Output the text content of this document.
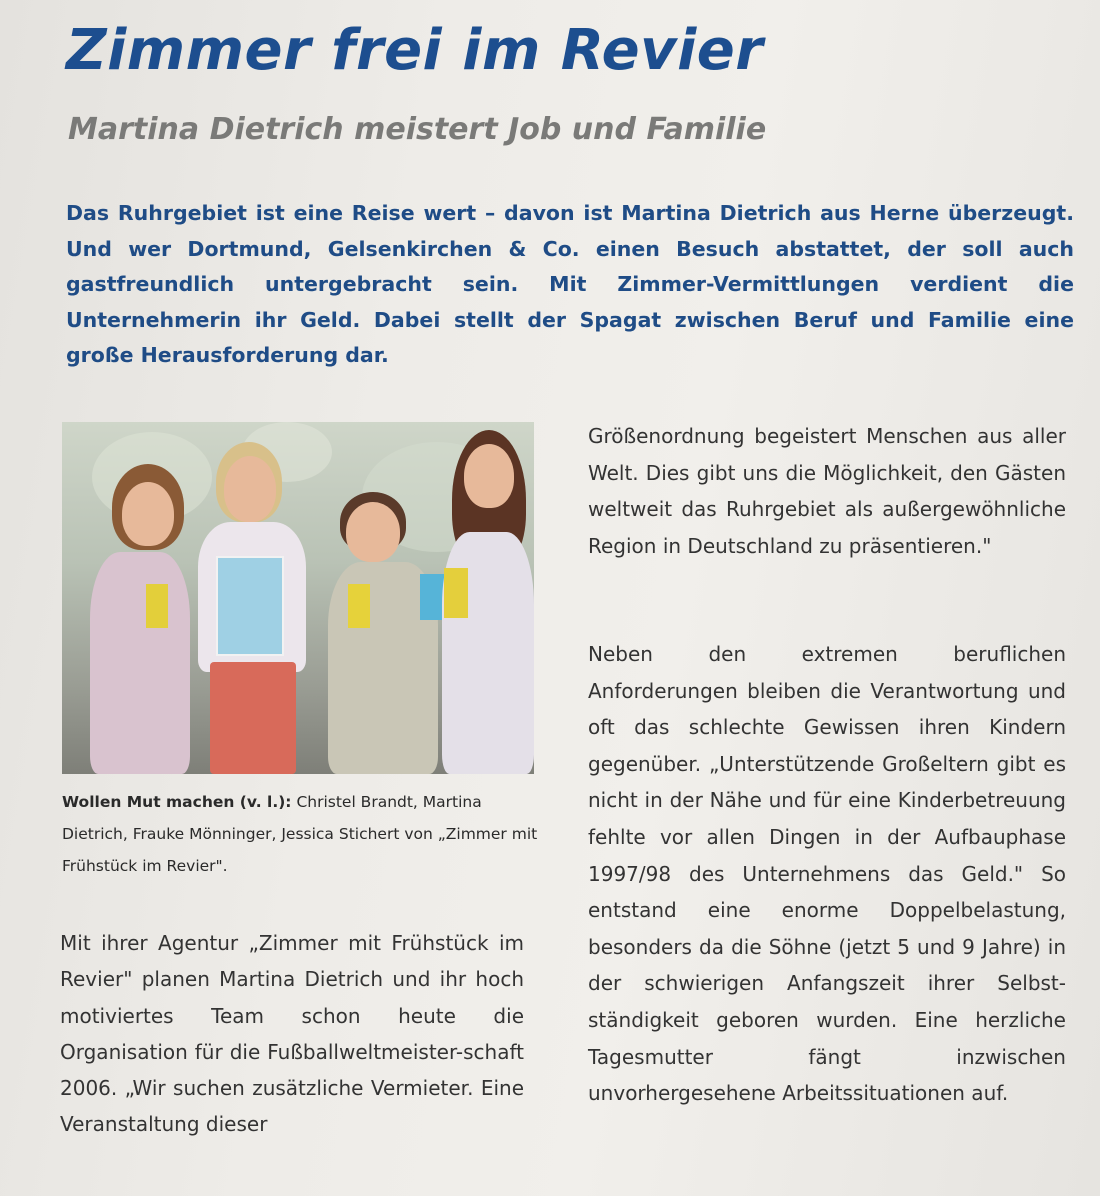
Zimmer frei im Revier
Martina Dietrich meistert Job und Familie

Das Ruhrgebiet ist eine Reise wert – davon ist Martina Dietrich aus Herne überzeugt. Und wer Dortmund, Gelsenkirchen & Co. einen Besuch abstattet, der soll auch gastfreundlich untergebracht sein. Mit Zimmer-Vermittlungen verdient die Unternehmerin ihr Geld. Dabei stellt der Spagat zwischen Beruf und Familie eine große Herausforderung dar.

Wollen Mut machen (v. l.): Christel Brandt, Martina Dietrich, Frauke Mönninger, Jessica Stichert von „Zimmer mit Frühstück im Revier".

Mit ihrer Agentur „Zimmer mit Frühstück im Revier" planen Martina Dietrich und ihr hoch motiviertes Team schon heute die Organisation für die Fußballweltmeister-schaft 2006. „Wir suchen zusätzliche Vermieter. Eine Veranstaltung dieser

Größenordnung begeistert Menschen aus aller Welt. Dies gibt uns die Möglichkeit, den Gästen weltweit das Ruhrgebiet als außergewöhnliche Region in Deutschland zu präsentieren."

Neben den extremen beruflichen Anforderungen bleiben die Verantwortung und oft das schlechte Gewissen ihren Kindern gegenüber. „Unterstützende Großeltern gibt es nicht in der Nähe und für eine Kinderbetreuung fehlte vor allen Dingen in der Aufbauphase 1997/98 des Unternehmens das Geld." So entstand eine enorme Doppelbelastung, besonders da die Söhne (jetzt 5 und 9 Jahre) in der schwierigen Anfangszeit ihrer Selbst-ständigkeit geboren wurden. Eine herzliche Tagesmutter fängt inzwischen unvorhergesehene Arbeitssituationen auf.
